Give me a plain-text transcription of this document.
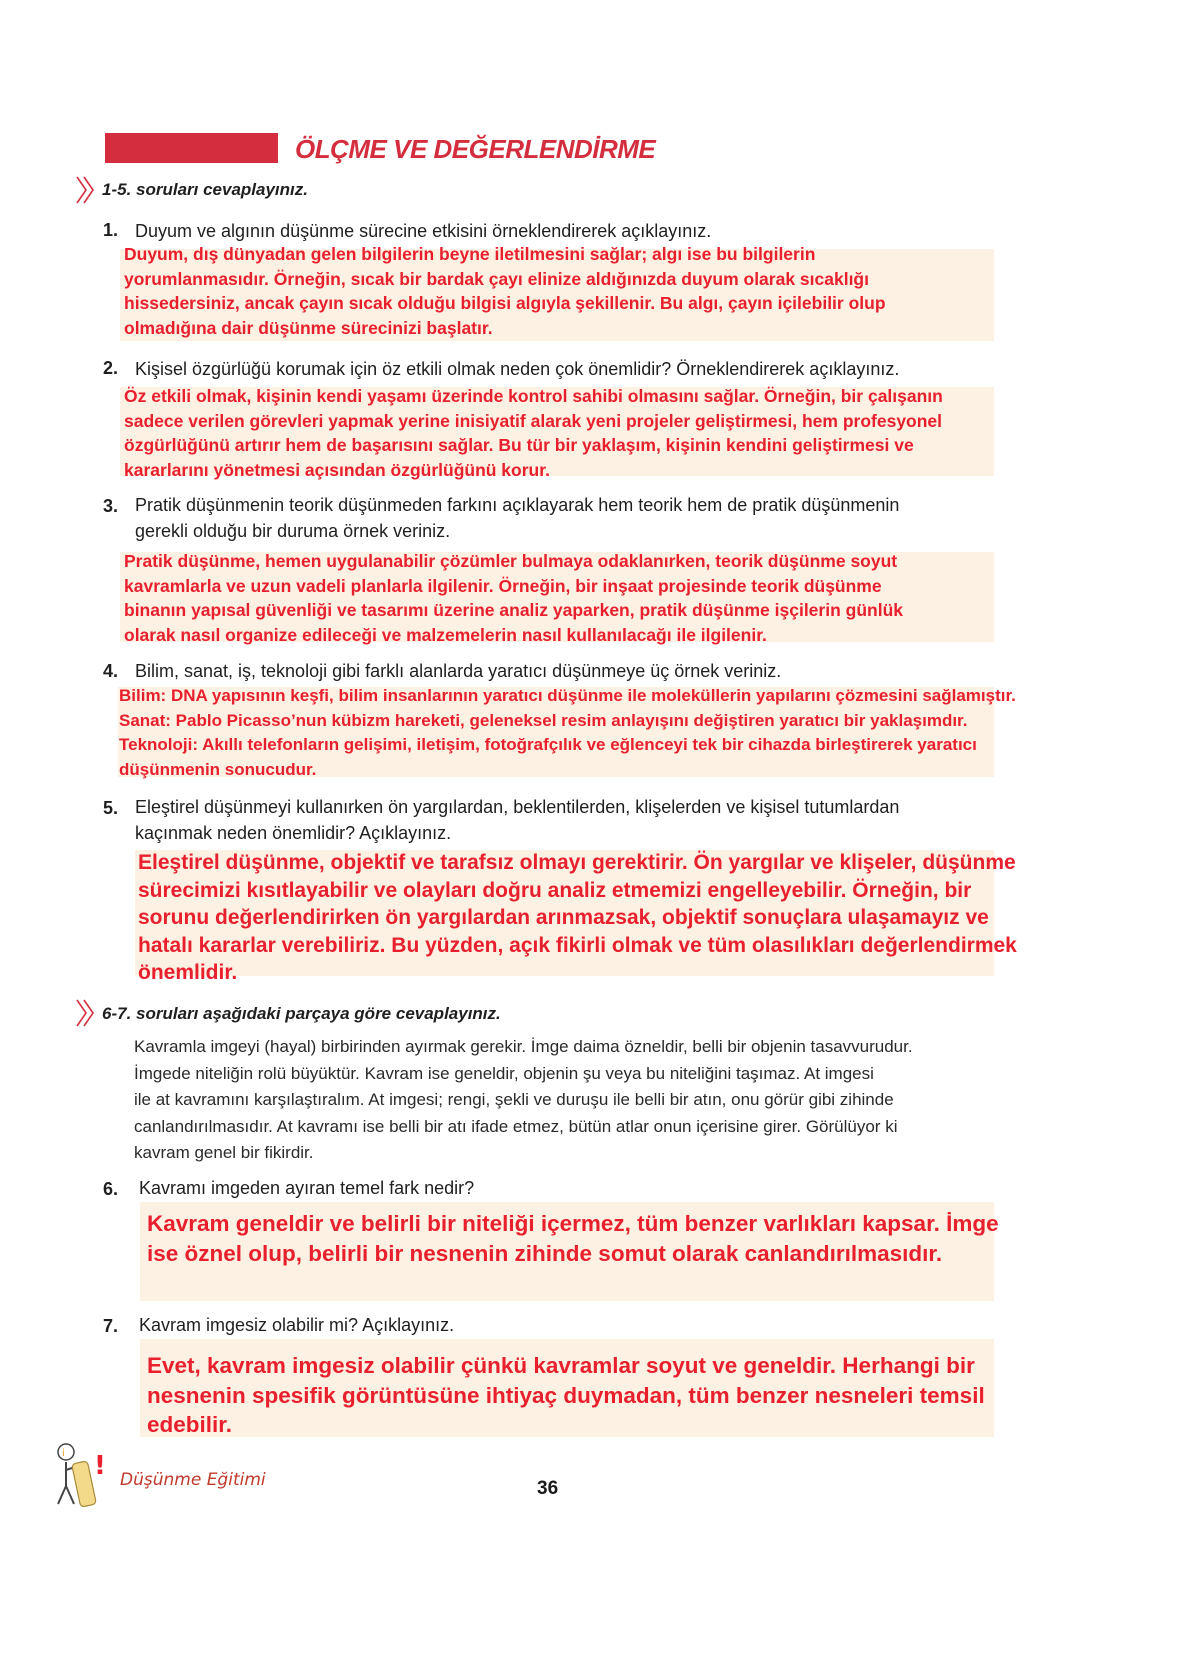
ÖLÇME VE DEĞERLENDİRME
1-5. soruları cevaplayınız.
1. Duyum ve algının düşünme sürecine etkisini örneklendirerek açıklayınız.
Duyum, dış dünyadan gelen bilgilerin beyne iletilmesini sağlar; algı ise bu bilgilerin
yorumlanmasıdır. Örneğin, sıcak bir bardak çayı elinize aldığınızda duyum olarak sıcaklığı
hissedersiniz, ancak çayın sıcak olduğu bilgisi algıyla şekillenir. Bu algı, çayın içilebilir olup
olmadığına dair düşünme sürecinizi başlatır.
2. Kişisel özgürlüğü korumak için öz etkili olmak neden çok önemlidir? Örneklendirerek açıklayınız.
Öz etkili olmak, kişinin kendi yaşamı üzerinde kontrol sahibi olmasını sağlar. Örneğin, bir çalışanın
sadece verilen görevleri yapmak yerine inisiyatif alarak yeni projeler geliştirmesi, hem profesyonel
özgürlüğünü artırır hem de başarısını sağlar. Bu tür bir yaklaşım, kişinin kendini geliştirmesi ve
kararlarını yönetmesi açısından özgürlüğünü korur.
3. Pratik düşünmenin teorik düşünmeden farkını açıklayarak hem teorik hem de pratik düşünmenin
gerekli olduğu bir duruma örnek veriniz.
Pratik düşünme, hemen uygulanabilir çözümler bulmaya odaklanırken, teorik düşünme soyut
kavramlarla ve uzun vadeli planlarla ilgilenir. Örneğin, bir inşaat projesinde teorik düşünme
binanın yapısal güvenliği ve tasarımı üzerine analiz yaparken, pratik düşünme işçilerin günlük
olarak nasıl organize edileceği ve malzemelerin nasıl kullanılacağı ile ilgilenir.
4. Bilim, sanat, iş, teknoloji gibi farklı alanlarda yaratıcı düşünmeye üç örnek veriniz.
Bilim: DNA yapısının keşfi, bilim insanlarının yaratıcı düşünme ile moleküllerin yapılarını çözmesini sağlamıştır.
Sanat: Pablo Picasso’nun kübizm hareketi, geleneksel resim anlayışını değiştiren yaratıcı bir yaklaşımdır.
Teknoloji: Akıllı telefonların gelişimi, iletişim, fotoğrafçılık ve eğlenceyi tek bir cihazda birleştirerek yaratıcı
düşünmenin sonucudur.
5. Eleştirel düşünmeyi kullanırken ön yargılardan, beklentilerden, klişelerden ve kişisel tutumlardan
kaçınmak neden önemlidir? Açıklayınız.
Eleştirel düşünme, objektif ve tarafsız olmayı gerektirir. Ön yargılar ve klişeler, düşünme
sürecimizi kısıtlayabilir ve olayları doğru analiz etmemizi engelleyebilir. Örneğin, bir
sorunu değerlendirirken ön yargılardan arınmazsak, objektif sonuçlara ulaşamayız ve
hatalı kararlar verebiliriz. Bu yüzden, açık fikirli olmak ve tüm olasılıkları değerlendirmek
önemlidir.
6-7. soruları aşağıdaki parçaya göre cevaplayınız.
Kavramla imgeyi (hayal) birbirinden ayırmak gerekir. İmge daima özneldir, belli bir objenin tasavvurudur.
İmgede niteliğin rolü büyüktür. Kavram ise geneldir, objenin şu veya bu niteliğini taşımaz. At imgesi
ile at kavramını karşılaştıralım. At imgesi; rengi, şekli ve duruşu ile belli bir atın, onu görür gibi zihinde
canlandırılmasıdır. At kavramı ise belli bir atı ifade etmez, bütün atlar onun içerisine girer. Görülüyor ki
kavram genel bir fikirdir.
6. Kavramı imgeden ayıran temel fark nedir?
Kavram geneldir ve belirli bir niteliği içermez, tüm benzer varlıkları kapsar. İmge
ise öznel olup, belirli bir nesnenin zihinde somut olarak canlandırılmasıdır.
7. Kavram imgesiz olabilir mi? Açıklayınız.
Evet, kavram imgesiz olabilir çünkü kavramlar soyut ve geneldir. Herhangi bir
nesnenin spesifik görüntüsüne ihtiyaç duymadan, tüm benzer nesneleri temsil
edebilir.
i ! Düşünme Eğitimi	36
